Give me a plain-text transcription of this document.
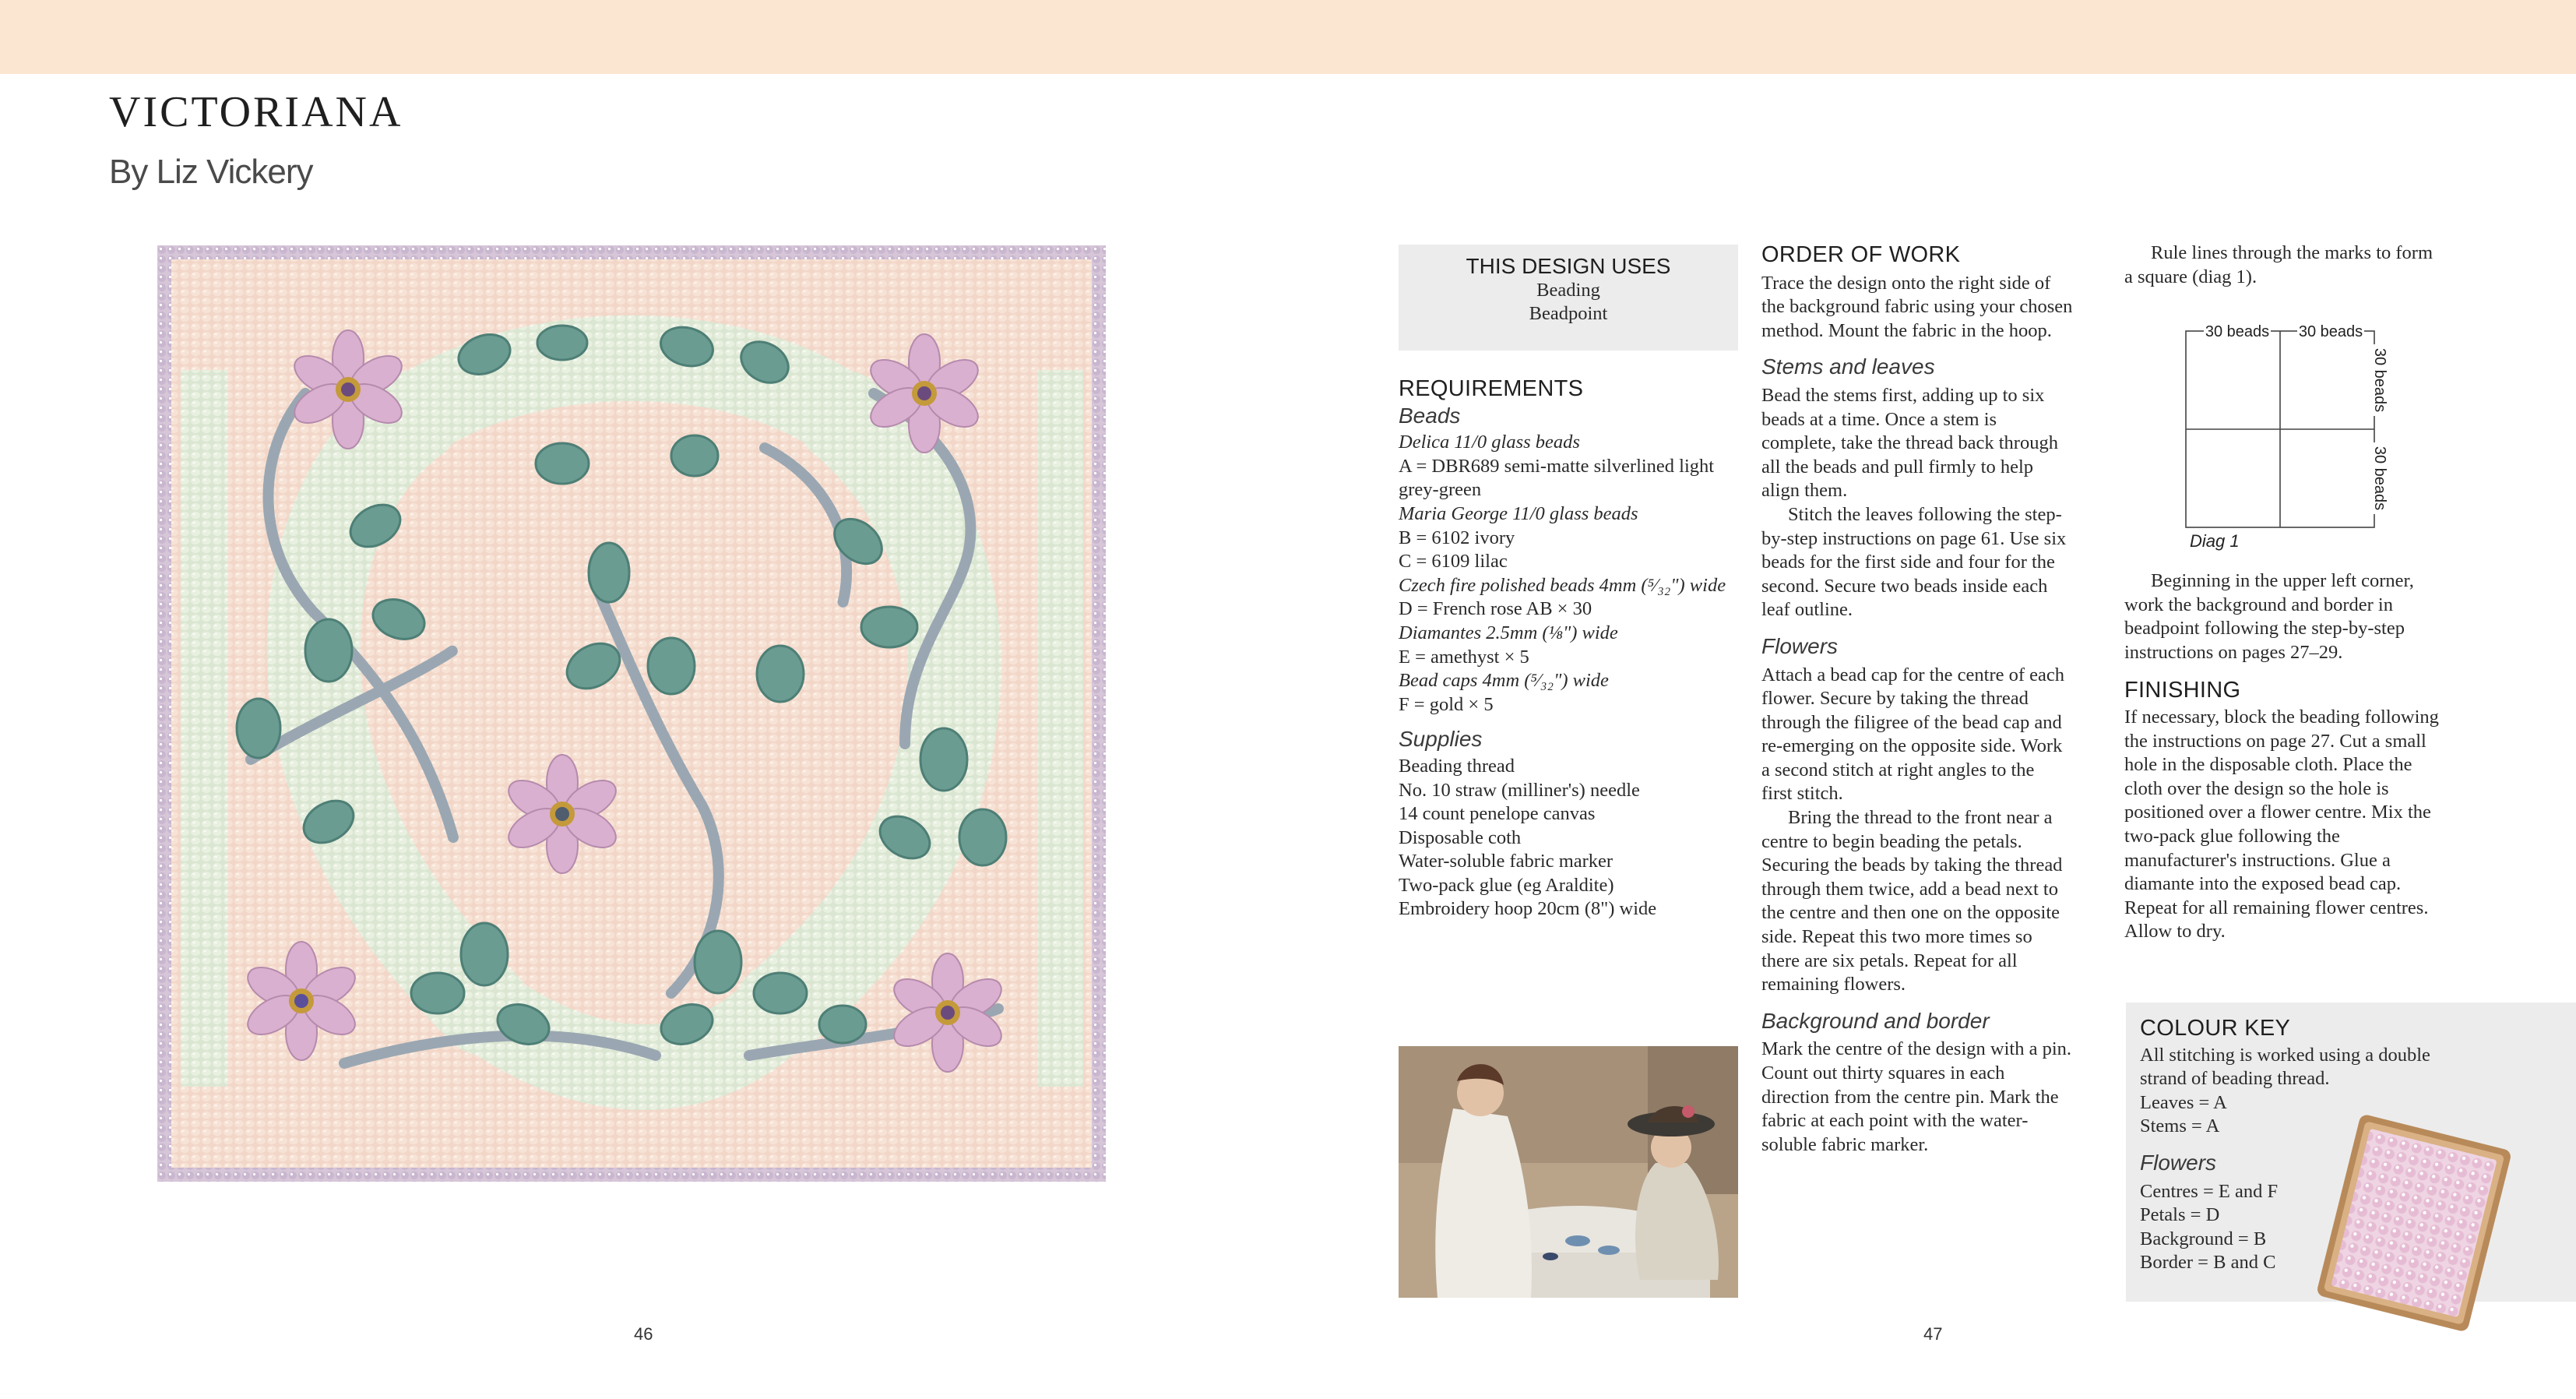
VICTORIANA
By Liz Vickery
46
THIS DESIGN USES
Beading
Beadpoint
REQUIREMENTS
Beads

Delica 11/0 glass beads

A = DBR689 semi-matte silverlined light

grey-green

Maria George 11/0 glass beads

B = 6102 ivory

C = 6109 lilac

Czech fire polished beads 4mm (⁵⁄₃₂") wide

D = French rose AB × 30

Diamantes 2.5mm (⅛") wide

E = amethyst × 5

Bead caps 4mm (⁵⁄₃₂") wide

F = gold × 5

Supplies

Beading thread

No. 10 straw (milliner's) needle

14 count penelope canvas

Disposable coth

Water-soluble fabric marker

Two-pack glue (eg Araldite)

Embroidery hoop 20cm (8") wide

ORDER OF WORK

Trace the design onto the right side of

the background fabric using your chosen

method. Mount the fabric in the hoop.

Stems and leaves

Bead the stems first, adding up to six

beads at a time. Once a stem is

complete, take the thread back through

all the beads and pull firmly to help

align them.

Stitch the leaves following the step-

by-step instructions on page 61. Use six

beads for the first side and four for the

second. Secure two beads inside each

leaf outline.

Flowers

Attach a bead cap for the centre of each

flower. Secure by taking the thread

through the filigree of the bead cap and

re-emerging on the opposite side. Work

a second stitch at right angles to the

first stitch.

Bring the thread to the front near a

centre to begin beading the petals.

Securing the beads by taking the thread

through them twice, add a bead next to

the centre and then one on the opposite

side. Repeat this two more times so

there are six petals. Repeat for all

remaining flowers.

Background and border

Mark the centre of the design with a pin.

Count out thirty squares in each

direction from the centre pin. Mark the

fabric at each point with the water-

soluble fabric marker.

Rule lines through the marks to form

a square (diag 1).

30 beads 30 beads
30 beads
30 beads
Diag 1

Beginning in the upper left corner,

work the background and border in

beadpoint following the step-by-step

instructions on pages 27–29.

FINISHING

If necessary, block the beading following

the instructions on page 27. Cut a small

hole in the disposable cloth. Place the

cloth over the design so the hole is

positioned over a flower centre. Mix the

two-pack glue following the

manufacturer's instructions. Glue a

diamante into the exposed bead cap.

Repeat for all remaining flower centres.

Allow to dry.

COLOUR KEY

All stitching is worked using a double

strand of beading thread.

Leaves = A

Stems = A

Flowers

Centres = E and F

Petals = D

Background = B

Border = B and C

47
